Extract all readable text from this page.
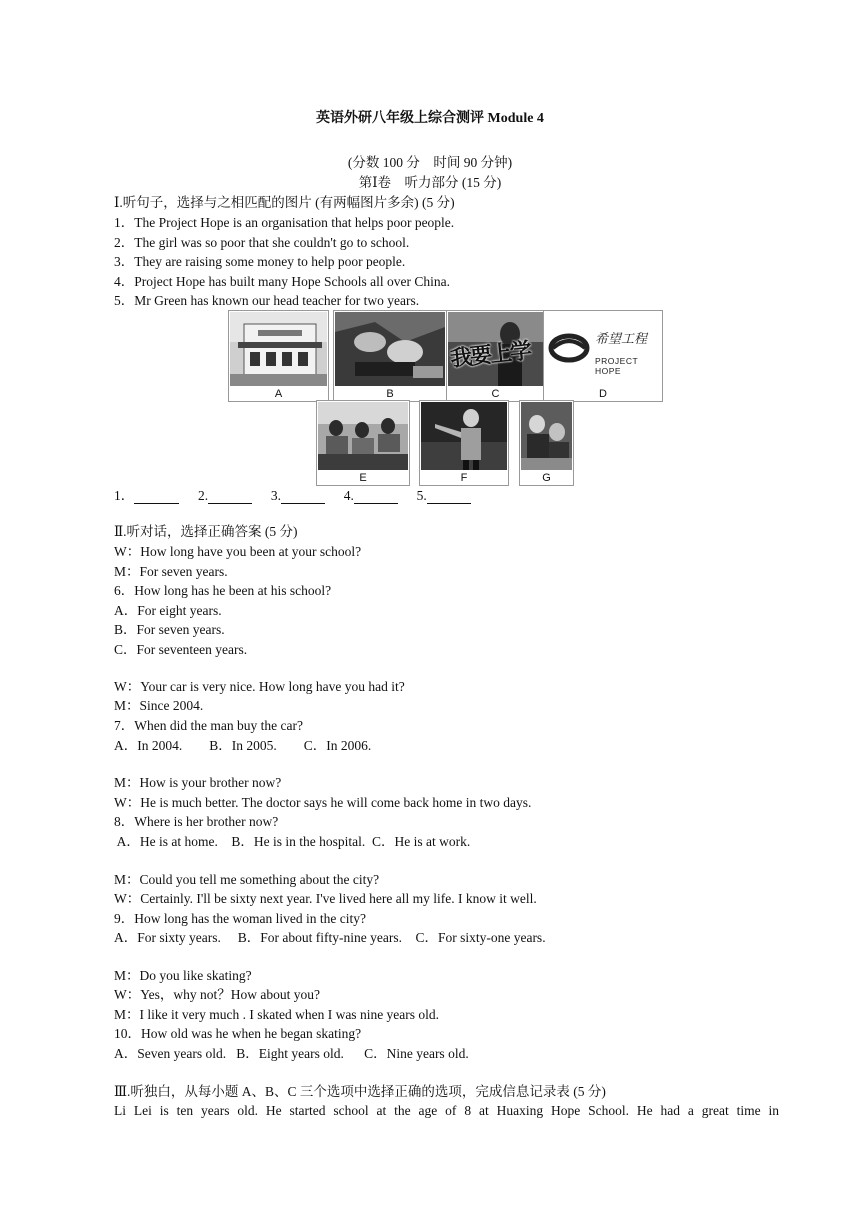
英语外研八年级上综合测评 Module 4
(分数 100 分　时间 90 分钟)
第Ⅰ卷　听力部分 (15 分)
Ⅰ.听句子，选择与之相匹配的图片 (有两幅图片多余) (5 分)
1．The Project Hope is an organisation that helps poor people.
2．The girl was so poor that she couldn't go to school.
3．They are raising some money to help poor people.
4．Project Hope has built many Hope Schools all over China.
5．Mr Green has known our head teacher for two years.
A	B
我要上学
C
希望工程
PROJECT HOPE
D
E	F	G
1．	2.	3.	4.	5.
Ⅱ.听对话，选择正确答案 (5 分)
W：How long have you been at your school?
M：For seven years.
6．How long has he been at his school?
A．For eight years.
B．For seven years.
C．For seventeen years.
W：Your car is very nice. How long have you had it?
M：Since 2004.
7．When did the man buy the car?
A．In 2004.        B．In 2005.        C．In 2006.
M：How is your brother now?
W：He is much better. The doctor says he will come back home in two days.
8．Where is her brother now?
A．He is at home.    B．He is in the hospital.  C．He is at work.
M：Could you tell me something about the city?
W：Certainly. I'll be sixty next year. I've lived here all my life. I know it well.
9．How long has the woman lived in the city?
A．For sixty years.     B．For about fifty-nine years.    C．For sixty-one years.
M：Do you like skating?
W：Yes，why not？How about you?
M：I like it very much . I skated when I was nine years old.
10．How old was he when he began skating?
A．Seven years old.   B．Eight years old.      C．Nine years old.
Ⅲ.听独白，从每小题 A、B、C 三个选项中选择正确的选项，完成信息记录表 (5 分)
Li Lei is ten years old. He started school at the age of 8 at Huaxing Hope School. He had a great time in
